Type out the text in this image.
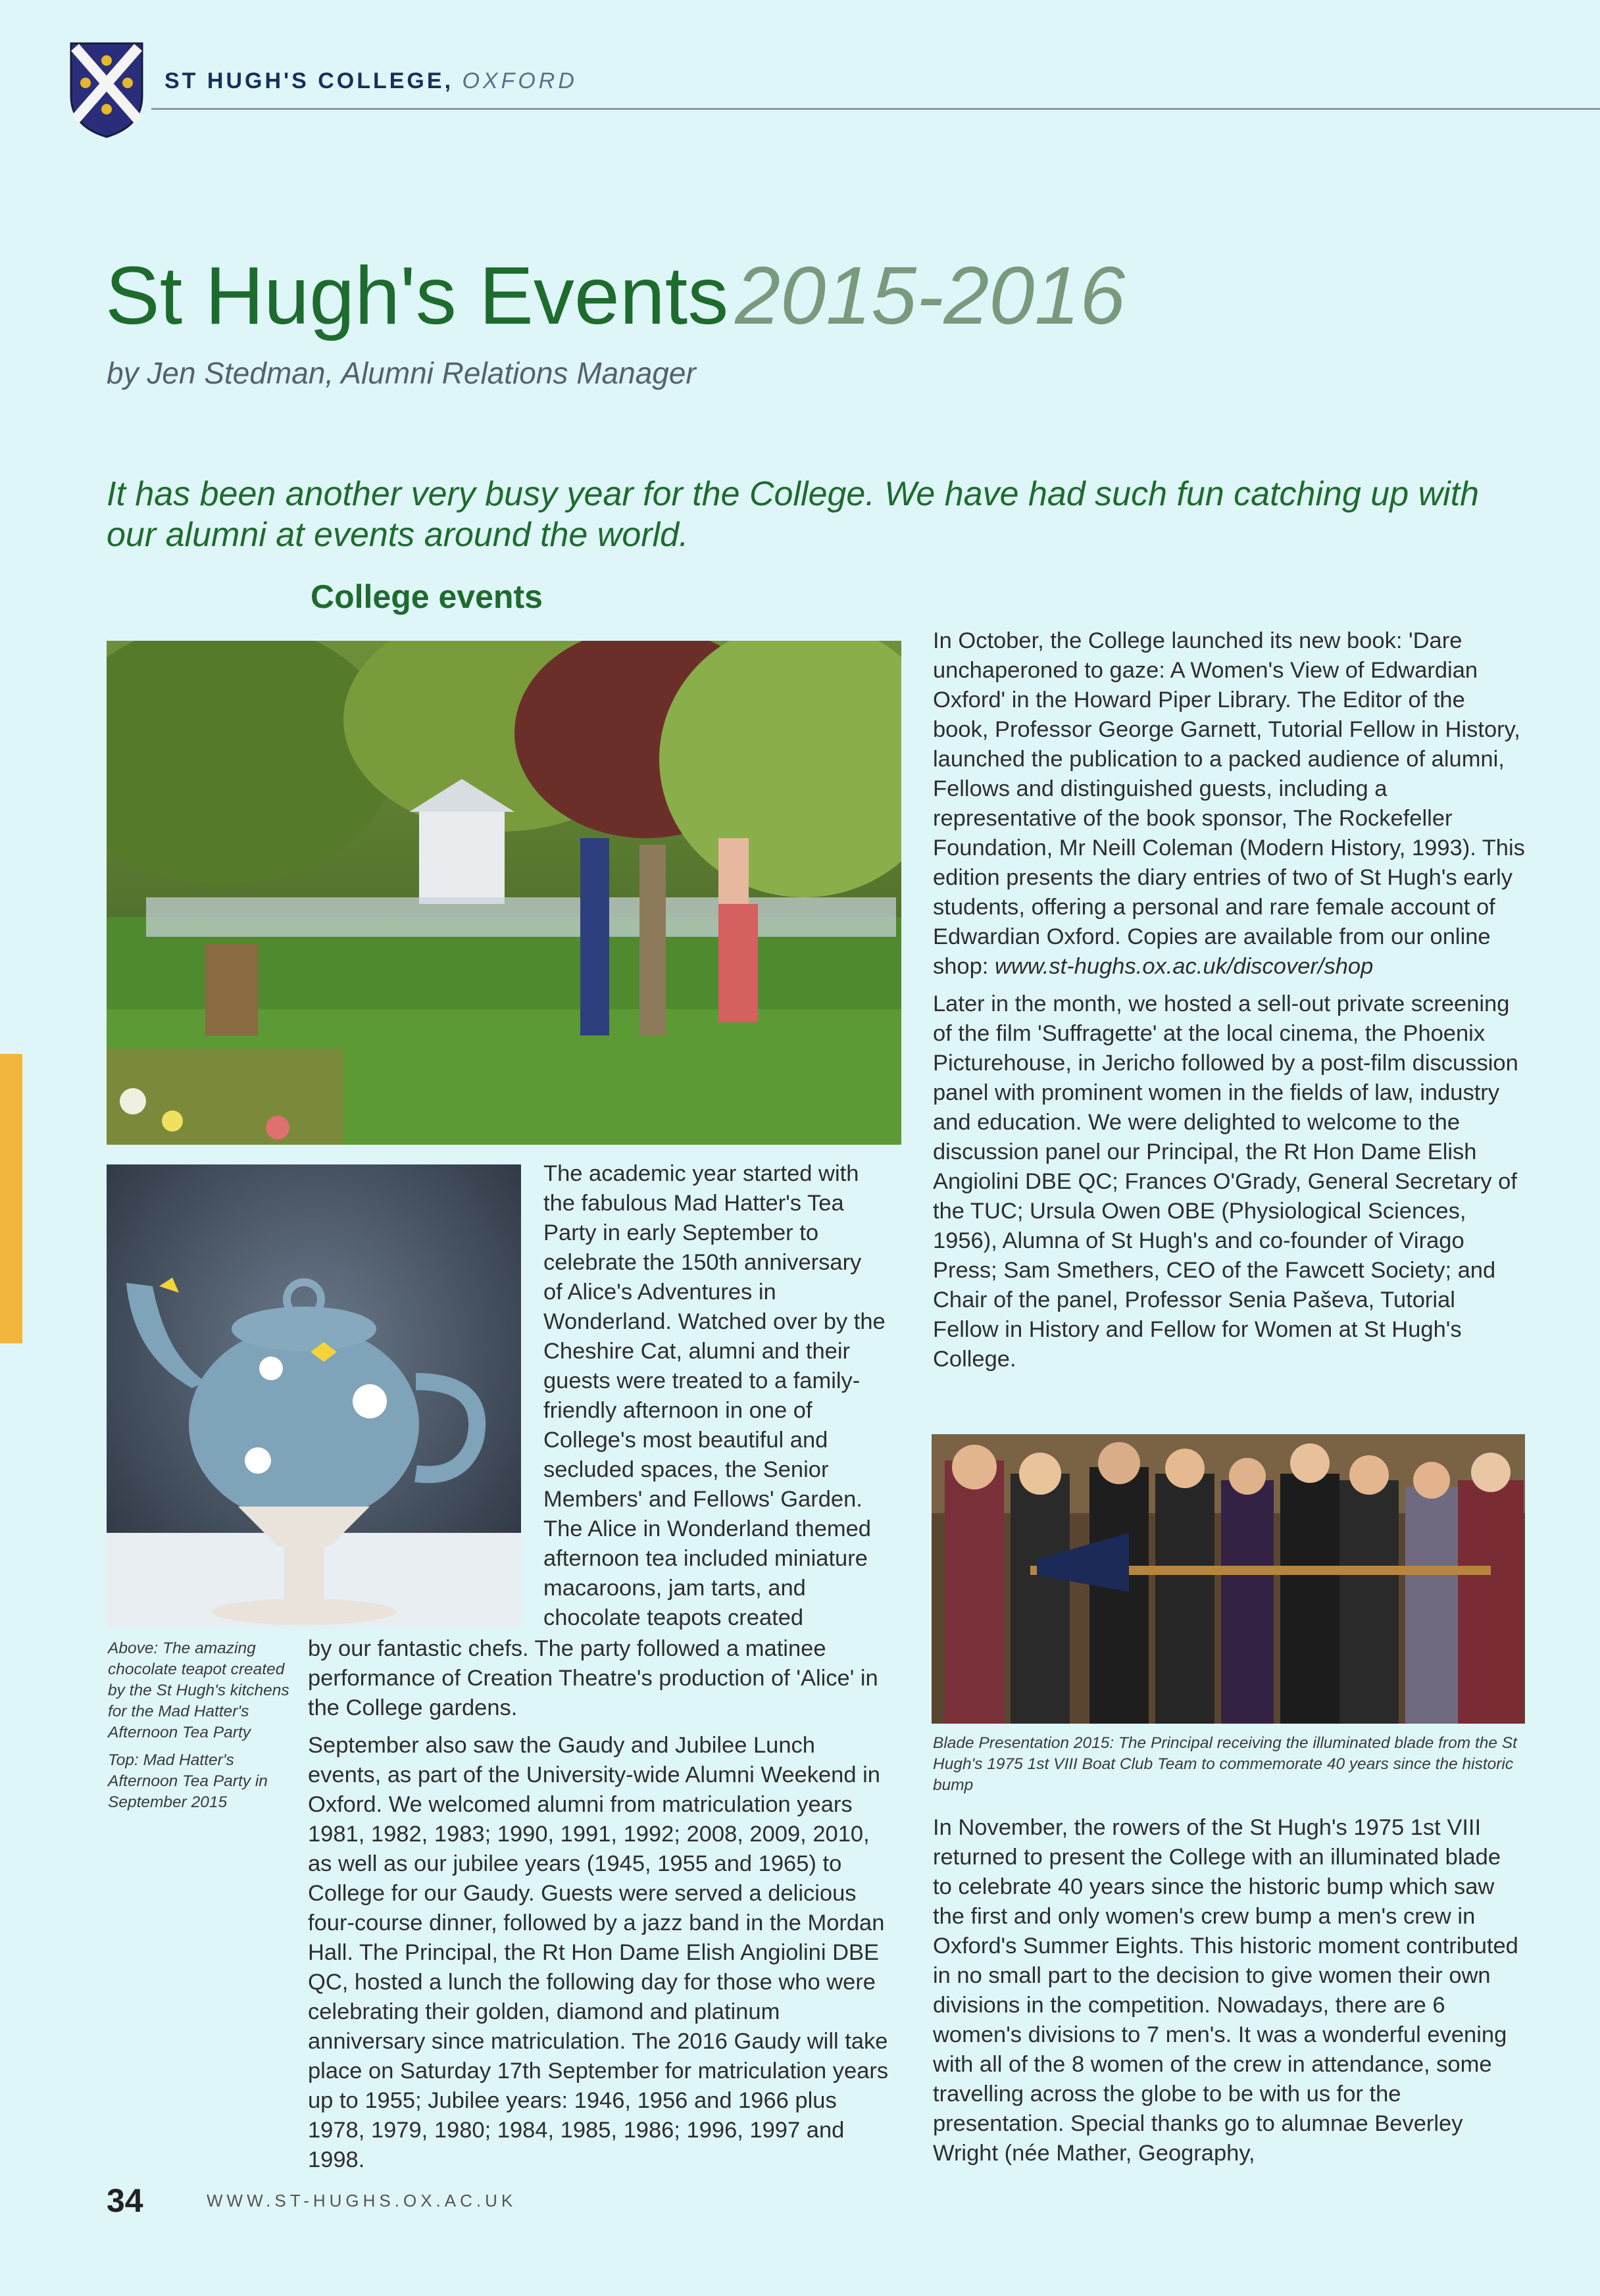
ST HUGH'S COLLEGE, OXFORD
St Hugh's Events2015-2016
by Jen Stedman, Alumni Relations Manager
It has been another very busy year for the College. We have had such fun catching up with our alumni at events around the world.
College events

The academic year started with the fabulous Mad Hatter's Tea Party in early September to celebrate the 150th anniversary of Alice's Adventures in Wonderland. Watched over by the Cheshire Cat, alumni and their guests were treated to a family-friendly afternoon in one of College's most beautiful and secluded spaces, the Senior Members' and Fellows' Garden. The Alice in Wonderland themed afternoon tea included miniature macaroons, jam tarts, and chocolate teapots created

by our fantastic chefs. The party followed a matinee performance of Creation Theatre's production of 'Alice' in the College gardens.

September also saw the Gaudy and Jubilee Lunch events, as part of the University-wide Alumni Weekend in Oxford. We welcomed alumni from matriculation years 1981, 1982, 1983; 1990, 1991, 1992; 2008, 2009, 2010, as well as our jubilee years (1945, 1955 and 1965) to College for our Gaudy. Guests were served a delicious four-course dinner, followed by a jazz band in the Mordan Hall. The Principal, the Rt Hon Dame Elish Angiolini DBE QC, hosted a lunch the following day for those who were celebrating their golden, diamond and platinum anniversary since matriculation. The 2016 Gaudy will take place on Saturday 17th September for matriculation years up to 1955; Jubilee years: 1946, 1956 and 1966 plus 1978, 1979, 1980; 1984, 1985, 1986; 1996, 1997 and 1998.

Above: The amazing chocolate teapot created by the St Hugh's kitchens for the Mad Hatter's Afternoon Tea Party

Top: Mad Hatter's Afternoon Tea Party in September 2015

In October, the College launched its new book: 'Dare unchaperoned to gaze: A Women's View of Edwardian Oxford' in the Howard Piper Library. The Editor of the book, Professor George Garnett, Tutorial Fellow in History, launched the publication to a packed audience of alumni, Fellows and distinguished guests, including a representative of the book sponsor, The Rockefeller Foundation, Mr Neill Coleman (Modern History, 1993). This edition presents the diary entries of two of St Hugh's early students, offering a personal and rare female account of Edwardian Oxford. Copies are available from our online shop: www.st-hughs.ox.ac.uk/discover/shop

Later in the month, we hosted a sell-out private screening of the film 'Suffragette' at the local cinema, the Phoenix Picturehouse, in Jericho followed by a post-film discussion panel with prominent women in the fields of law, industry and education. We were delighted to welcome to the discussion panel our Principal, the Rt Hon Dame Elish Angiolini DBE QC; Frances O'Grady, General Secretary of the TUC; Ursula Owen OBE (Physiological Sciences, 1956), Alumna of St Hugh's and co-founder of Virago Press; Sam Smethers, CEO of the Fawcett Society; and Chair of the panel, Professor Senia Paševa, Tutorial Fellow in History and Fellow for Women at St Hugh's College.

Blade Presentation 2015: The Principal receiving the illuminated blade from the St Hugh's 1975 1st VIII Boat Club Team to commemorate 40 years since the historic bump

In November, the rowers of the St Hugh's 1975 1st VIII returned to present the College with an illuminated blade to celebrate 40 years since the historic bump which saw the first and only women's crew bump a men's crew in Oxford's Summer Eights. This historic moment contributed in no small part to the decision to give women their own divisions in the competition. Nowadays, there are 6 women's divisions to 7 men's. It was a wonderful evening with all of the 8 women of the crew in attendance, some travelling across the globe to be with us for the presentation. Special thanks go to alumnae Beverley Wright (née Mather, Geography,

34	WWW.ST-HUGHS.OX.AC.UK
